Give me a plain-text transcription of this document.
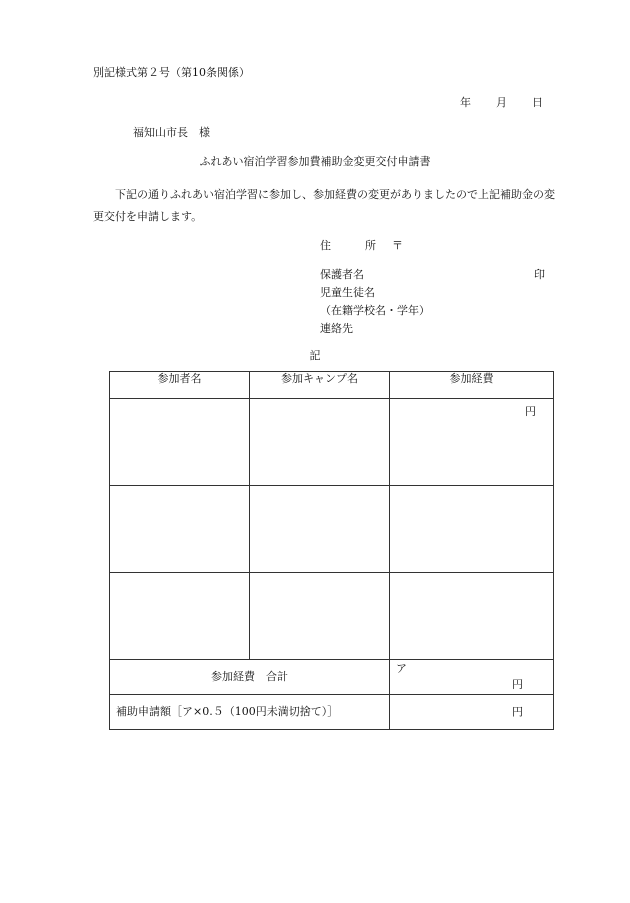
別記様式第２号（第10条関係）
年 月 日
福知山市長　様
ふれあい宿泊学習参加費補助金変更交付申請書
下記の通りふれあい宿泊学習に参加し、参加経費の変更がありましたので上記補助金の変更交付を申請します。
住	所 〒
保護者名	印
児童生徒名
（在籍学校名・学年）
連絡先
記
参加者名	参加キャンプ名	参加経費

		円

参加経費　合計		ア
円

補助申請額［ア×0.５（100円未満切捨て）］		円
